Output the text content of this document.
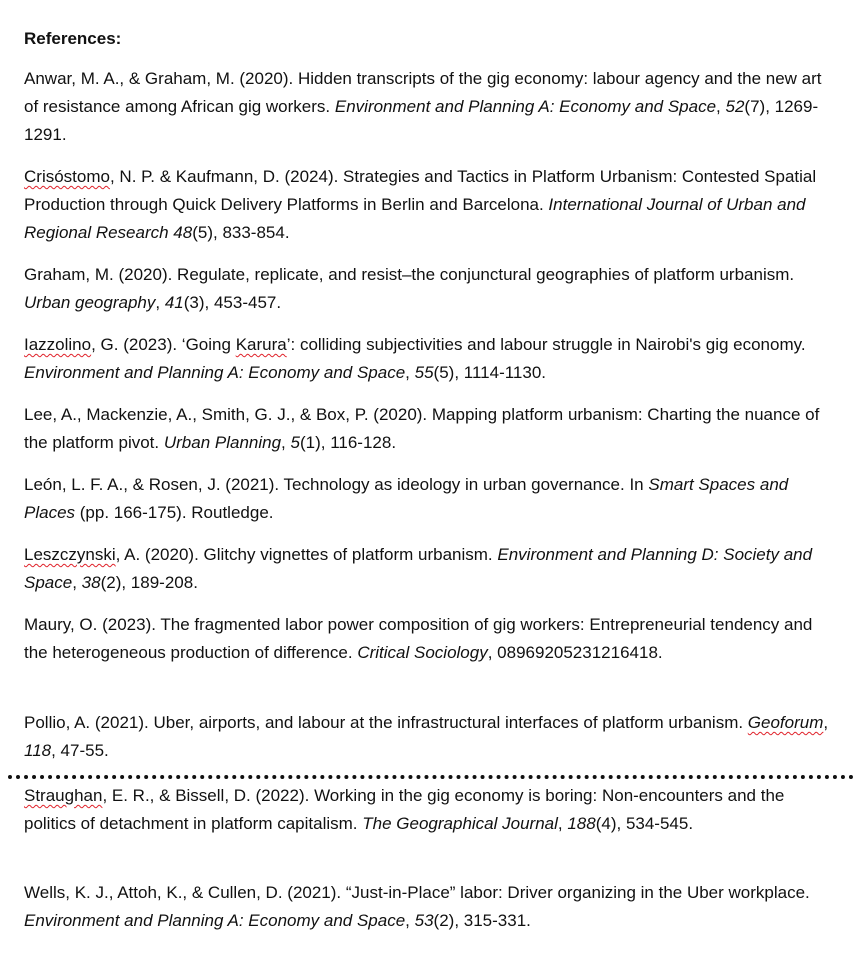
References:

Anwar, M. A., & Graham, M. (2020). Hidden transcripts of the gig economy: labour agency and the new art of resistance among African gig workers. Environment and Planning A: Economy and Space, 52(7), 1269-1291.

Crisóstomo, N. P. & Kaufmann, D. (2024). Strategies and Tactics in Platform Urbanism: Contested Spatial Production through Quick Delivery Platforms in Berlin and Barcelona. International Journal of Urban and Regional Research 48(5), 833-854.

Graham, M. (2020). Regulate, replicate, and resist–the conjunctural geographies of platform urbanism. Urban geography, 41(3), 453-457.

Iazzolino, G. (2023). ‘Going Karura’: colliding subjectivities and labour struggle in Nairobi's gig economy. Environment and Planning A: Economy and Space, 55(5), 1114-1130.

Lee, A., Mackenzie, A., Smith, G. J., & Box, P. (2020). Mapping platform urbanism: Charting the nuance of the platform pivot. Urban Planning, 5(1), 116-128.

León, L. F. A., & Rosen, J. (2021). Technology as ideology in urban governance. In Smart Spaces and Places (pp. 166-175). Routledge.

Leszczynski, A. (2020). Glitchy vignettes of platform urbanism. Environment and Planning D: Society and Space, 38(2), 189-208.

Maury, O. (2023). The fragmented labor power composition of gig workers: Entrepreneurial tendency and the heterogeneous production of difference. Critical Sociology, 08969205231216418.

Pollio, A. (2021). Uber, airports, and labour at the infrastructural interfaces of platform urbanism. Geoforum, 118, 47-55.

Straughan, E. R., & Bissell, D. (2022). Working in the gig economy is boring: Non-encounters and the politics of detachment in platform capitalism. The Geographical Journal, 188(4), 534-545.

Wells, K. J., Attoh, K., & Cullen, D. (2021). “Just-in-Place” labor: Driver organizing in the Uber workplace. Environment and Planning A: Economy and Space, 53(2), 315-331.
